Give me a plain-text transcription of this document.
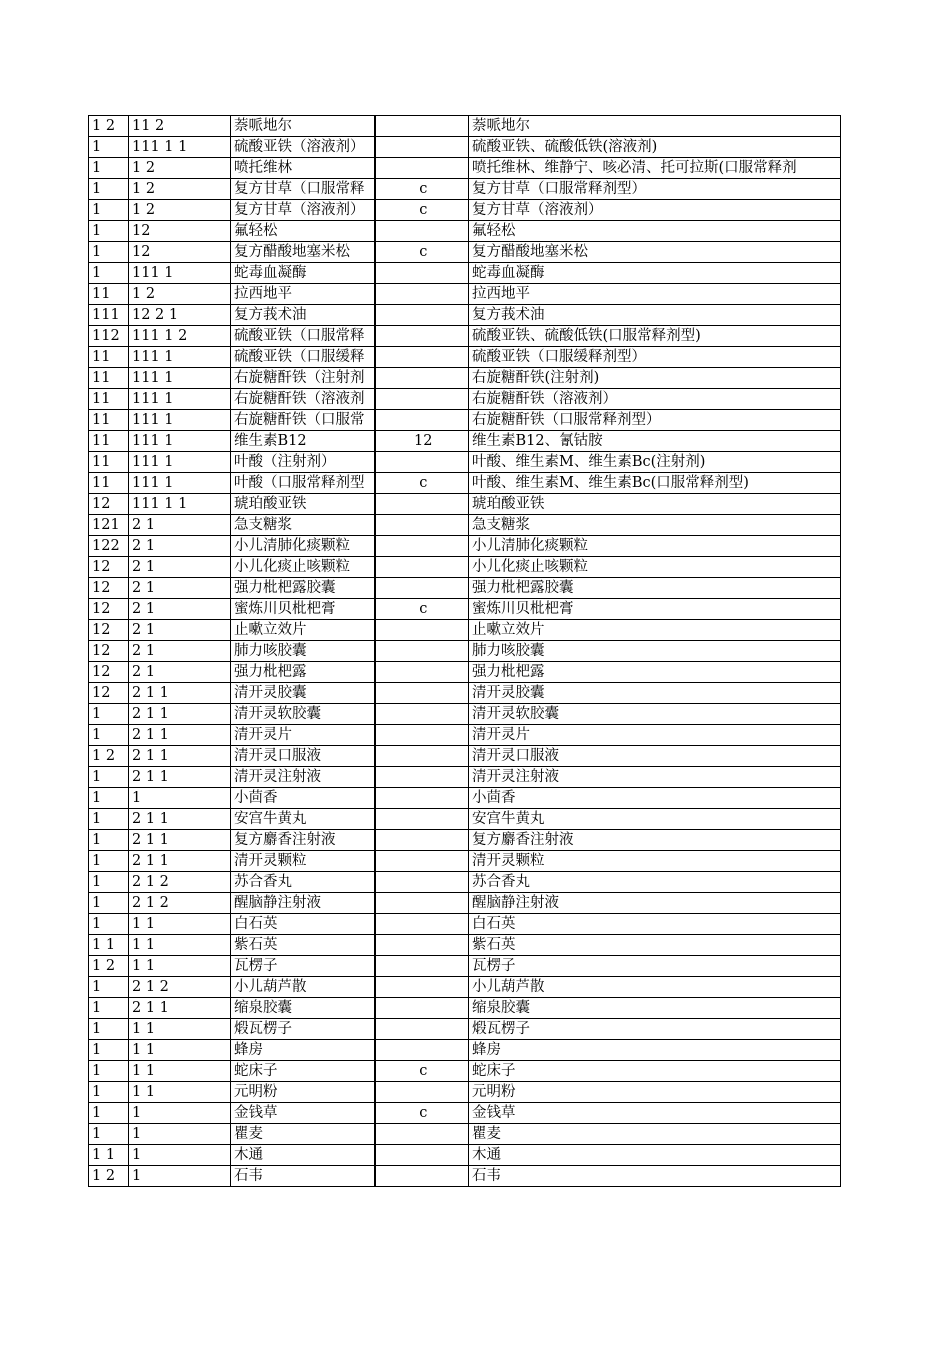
1 2	11 2	萘哌地尔		萘哌地尔
1	111 1 1	硫酸亚铁（溶液剂）		硫酸亚铁、硫酸低铁(溶液剂)
1	1 2	喷托维林		喷托维林、维静宁、咳必清、托可拉斯(口服常释剂
1	1 2	复方甘草（口服常释	c	复方甘草（口服常释剂型）
1	1 2	复方甘草（溶液剂）	c	复方甘草（溶液剂）
1	12	氟轻松		氟轻松
1	12	复方醋酸地塞米松	c	复方醋酸地塞米松
1	111 1	蛇毒血凝酶		蛇毒血凝酶
11	1 2	拉西地平		拉西地平
111	12 2 1	复方莪术油		复方莪术油
112	111 1 2	硫酸亚铁（口服常释		硫酸亚铁、硫酸低铁(口服常释剂型)
11	111 1	硫酸亚铁（口服缓释		硫酸亚铁（口服缓释剂型）
11	111 1	右旋糖酐铁（注射剂		右旋糖酐铁(注射剂)
11	111 1	右旋糖酐铁（溶液剂		右旋糖酐铁（溶液剂）
11	111 1	右旋糖酐铁（口服常		右旋糖酐铁（口服常释剂型）
11	111 1	维生素B12	12	维生素B12、氰钴胺
11	111 1	叶酸（注射剂）		叶酸、维生素M、维生素Bc(注射剂)
11	111 1	叶酸（口服常释剂型	c	叶酸、维生素M、维生素Bc(口服常释剂型)
12	111 1 1	琥珀酸亚铁		琥珀酸亚铁
121	2 1	急支糖浆		急支糖浆
122	2 1	小儿清肺化痰颗粒		小儿清肺化痰颗粒
12	2 1	小儿化痰止咳颗粒		小儿化痰止咳颗粒
12	2 1	强力枇杷露胶囊		强力枇杷露胶囊
12	2 1	蜜炼川贝枇杷膏	c	蜜炼川贝枇杷膏
12	2 1	止嗽立效片		止嗽立效片
12	2 1	肺力咳胶囊		肺力咳胶囊
12	2 1	强力枇杷露		强力枇杷露
12	2 1 1	清开灵胶囊		清开灵胶囊
1	2 1 1	清开灵软胶囊		清开灵软胶囊
1	2 1 1	清开灵片		清开灵片
1 2	2 1 1	清开灵口服液		清开灵口服液
1	2 1 1	清开灵注射液		清开灵注射液
1	1	小茴香		小茴香
1	2 1 1	安宫牛黄丸		安宫牛黄丸
1	2 1 1	复方麝香注射液		复方麝香注射液
1	2 1 1	清开灵颗粒		清开灵颗粒
1	2 1 2	苏合香丸		苏合香丸
1	2 1 2	醒脑静注射液		醒脑静注射液
1	1 1	白石英		白石英
1 1	1 1	紫石英		紫石英
1 2	1 1	瓦楞子		瓦楞子
1	2 1 2	小儿葫芦散		小儿葫芦散
1	2 1 1	缩泉胶囊		缩泉胶囊
1	1 1	煅瓦楞子		煅瓦楞子
1	1 1	蜂房		蜂房
1	1 1	蛇床子	c	蛇床子
1	1 1	元明粉		元明粉
1	1	金钱草	c	金钱草
1	1	瞿麦		瞿麦
1 1	1	木通		木通
1 2	1	石韦		石韦
